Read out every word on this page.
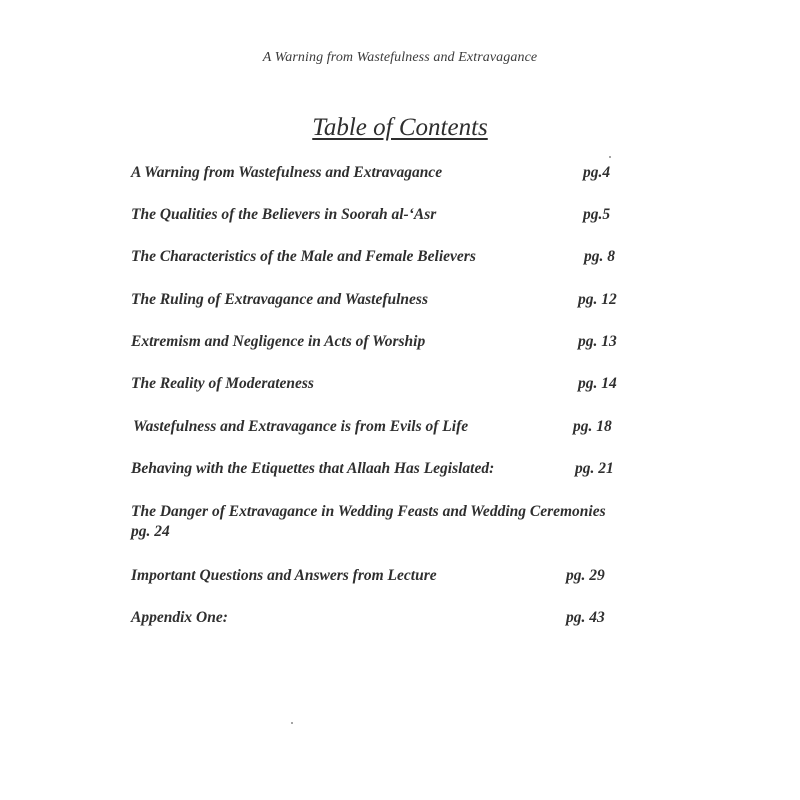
A Warning from Wastefulness and Extravagance
Table of Contents
A Warning from Wastefulness and Extravagance	pg.4
The Qualities of the Believers in Soorah al-‘Asr	pg.5
The Characteristics of the Male and Female Believers	pg. 8
The Ruling of Extravagance and Wastefulness	pg. 12
Extremism and Negligence in Acts of Worship	pg. 13
The Reality of Moderateness	pg. 14
Wastefulness and Extravagance is from Evils of Life	pg. 18
Behaving with the Etiquettes that Allaah Has Legislated:	pg. 21
The Danger of Extravagance in Wedding Feasts and Wedding Ceremonies
pg. 24
Important Questions and Answers from Lecture	pg. 29
Appendix One:	pg. 43
